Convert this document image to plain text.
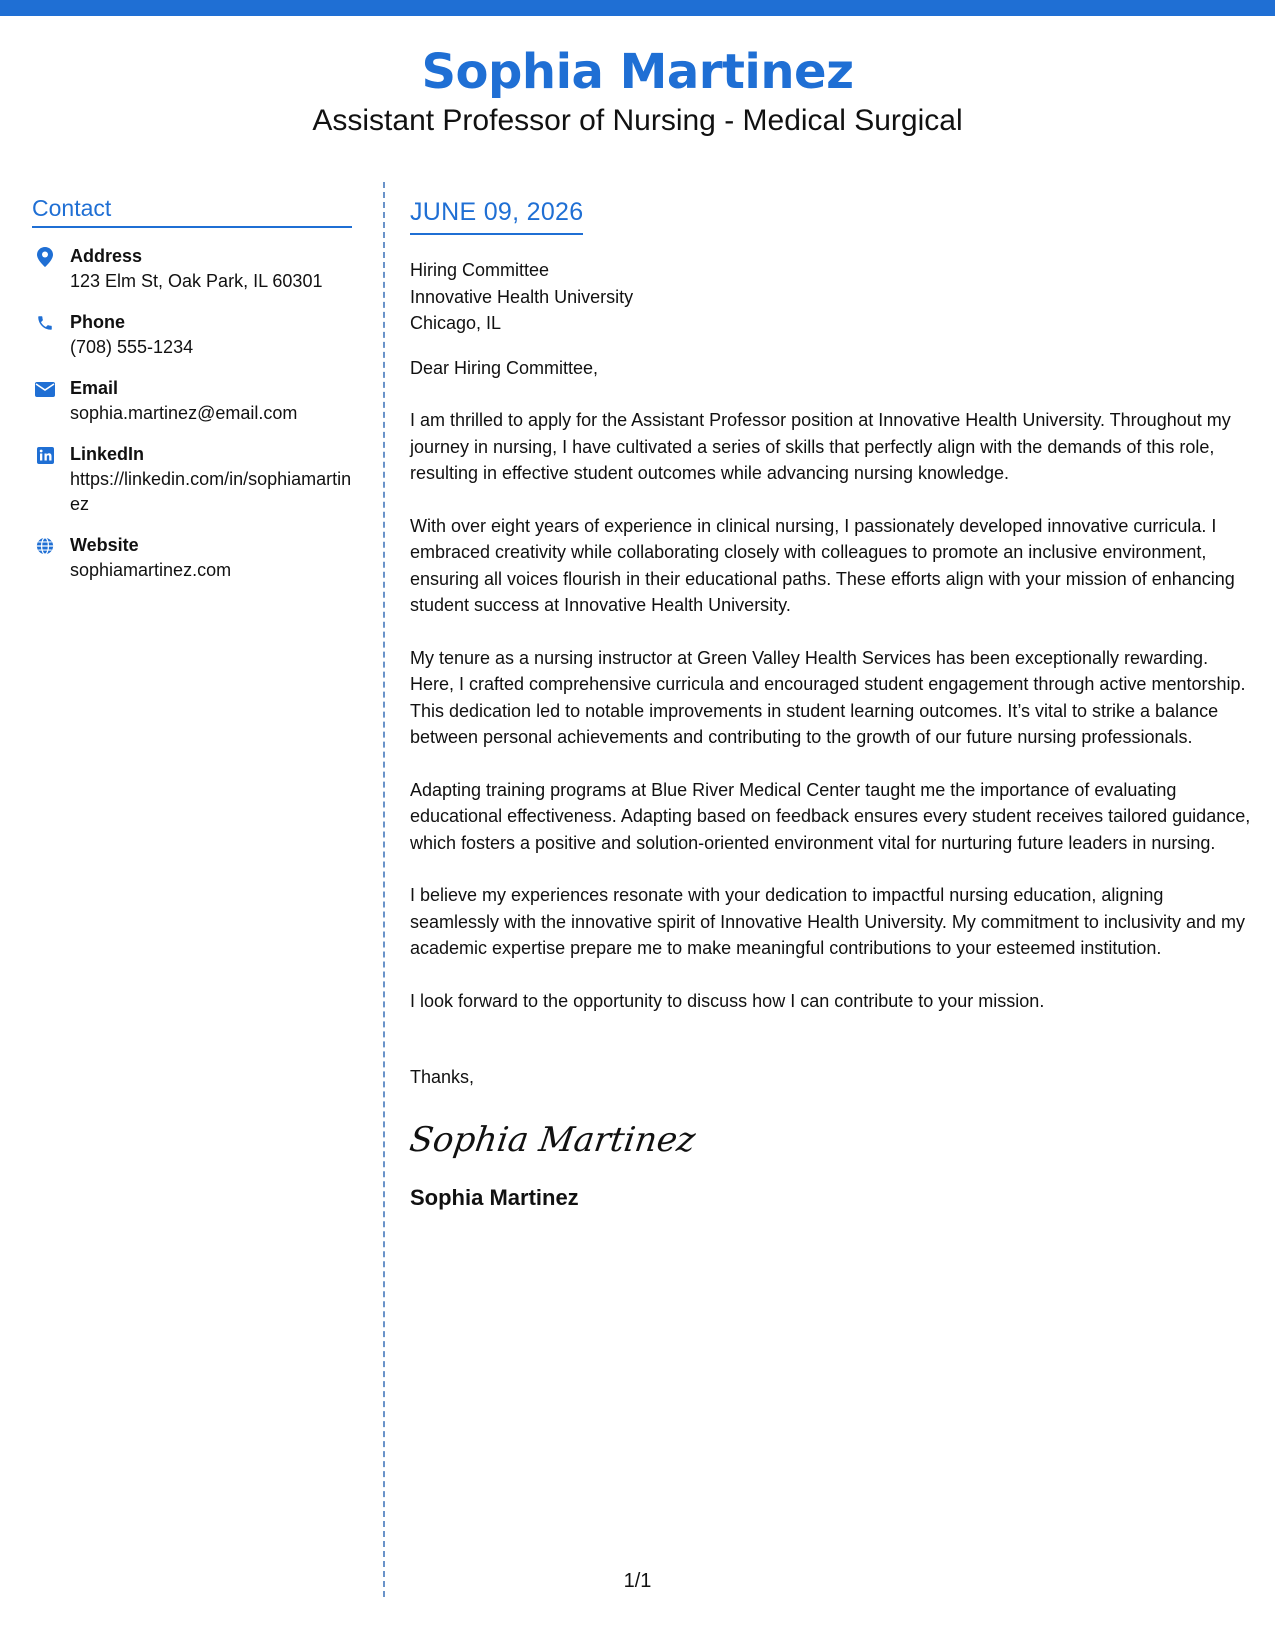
Sophia Martinez
Assistant Professor of Nursing - Medical Surgical
Contact
Address
123 Elm St, Oak Park, IL 60301
Phone
(708) 555-1234
Email
sophia.martinez@email.com
LinkedIn
https://linkedin.com/in/sophiamartinez
Website
sophiamartinez.com
JUNE 09, 2026
Hiring Committee
Innovative Health University
Chicago, IL
Dear Hiring Committee,
I am thrilled to apply for the Assistant Professor position at Innovative Health University. Throughout my journey in nursing, I have cultivated a series of skills that perfectly align with the demands of this role, resulting in effective student outcomes while advancing nursing knowledge.
With over eight years of experience in clinical nursing, I passionately developed innovative curricula. I embraced creativity while collaborating closely with colleagues to promote an inclusive environment, ensuring all voices flourish in their educational paths. These efforts align with your mission of enhancing student success at Innovative Health University.
My tenure as a nursing instructor at Green Valley Health Services has been exceptionally rewarding. Here, I crafted comprehensive curricula and encouraged student engagement through active mentorship. This dedication led to notable improvements in student learning outcomes. It’s vital to strike a balance between personal achievements and contributing to the growth of our future nursing professionals.
Adapting training programs at Blue River Medical Center taught me the importance of evaluating educational effectiveness. Adapting based on feedback ensures every student receives tailored guidance, which fosters a positive and solution-oriented environment vital for nurturing future leaders in nursing.
I believe my experiences resonate with your dedication to impactful nursing education, aligning seamlessly with the innovative spirit of Innovative Health University. My commitment to inclusivity and my academic expertise prepare me to make meaningful contributions to your esteemed institution.
I look forward to the opportunity to discuss how I can contribute to your mission.
Thanks,
Sophia Martinez
Sophia Martinez
1/1
